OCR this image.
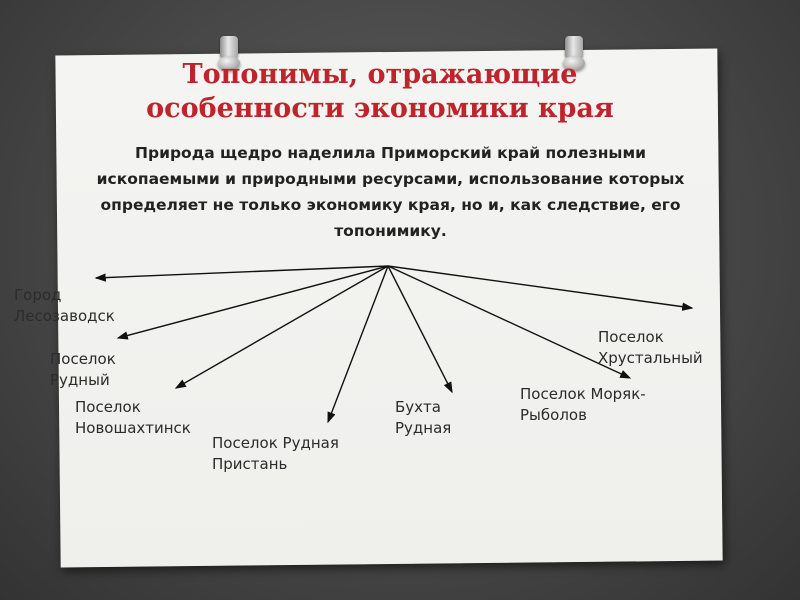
Топонимы, отражающие особенности экономики края

Природа щедро наделила Приморский край полезными ископаемыми и природными ресурсами, использование которых определяет не только экономику края, но и, как следствие, его топонимику.

Город
Лесозаводск
Поселок
Рудный
Поселок
Новошахтинск
Поселок Рудная
Пристань
Бухта
Рудная
Поселок Моряк-
Рыболов
Поселок
Хрустальный
